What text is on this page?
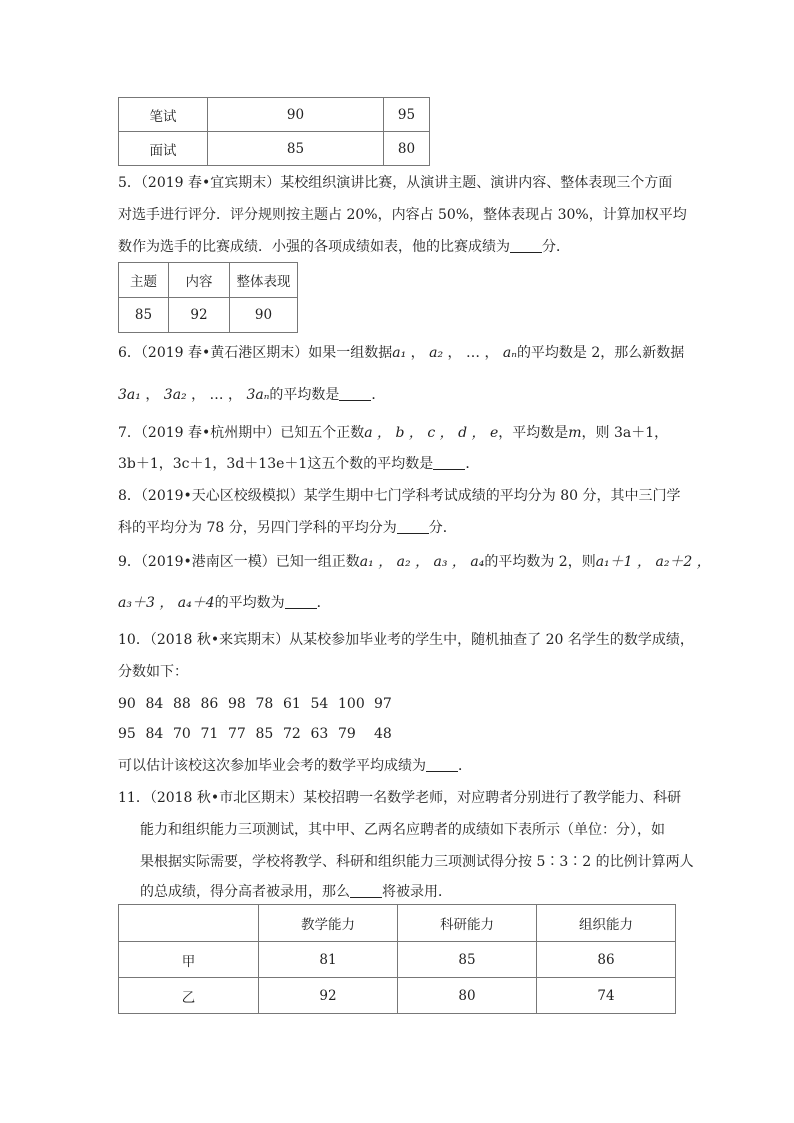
笔试	90	95
面试	85	80
5．（2019 春•宜宾期末）某校组织演讲比赛，从演讲主题、演讲内容、整体表现三个方面
对选手进行评分．评分规则按主题占 20%，内容占 50%，整体表现占 30%，计算加权平均
数作为选手的比赛成绩．小强的各项成绩如表，他的比赛成绩为 分．
主题	内容	整体表现
85	92	90
6．（2019 春•黄石港区期末）如果一组数据a₁ ， a₂ ， … ， aₙ的平均数是 2，那么新数据
3a₁ ， 3a₂ ， … ， 3aₙ的平均数是 ．
7．（2019 春•杭州期中）已知五个正数a ， b ， c ， d ， e，平均数是m，则 3a＋1，
3b＋1，3c＋1，3d＋13e＋1这五个数的平均数是 ．
8．（2019•天心区校级模拟）某学生期中七门学科考试成绩的平均分为 80 分，其中三门学
科的平均分为 78 分，另四门学科的平均分为 分．
9．（2019•港南区一模）已知一组正数a₁ ， a₂ ， a₃ ， a₄的平均数为 2，则a₁＋1 ， a₂＋2 ，
a₃＋3 ， a₄＋4的平均数为 ．
10．（2018 秋•来宾期末）从某校参加毕业考的学生中，随机抽查了 20 名学生的数学成绩，
分数如下：
90 84 88 86 98 78 61 54 100 97
95 84 70 71 77 85 72 63 79 48
可以估计该校这次参加毕业会考的数学平均成绩为 ．
11．（2018 秋•市北区期末）某校招聘一名数学老师，对应聘者分别进行了教学能力、科研
能力和组织能力三项测试，其中甲、乙两名应聘者的成绩如下表所示（单位：分），如
果根据实际需要，学校将教学、科研和组织能力三项测试得分按 5∶3∶2 的比例计算两人
的总成绩，得分高者被录用，那么 将被录用．
	教学能力	科研能力	组织能力
甲	81	85	86
乙	92	80	74
